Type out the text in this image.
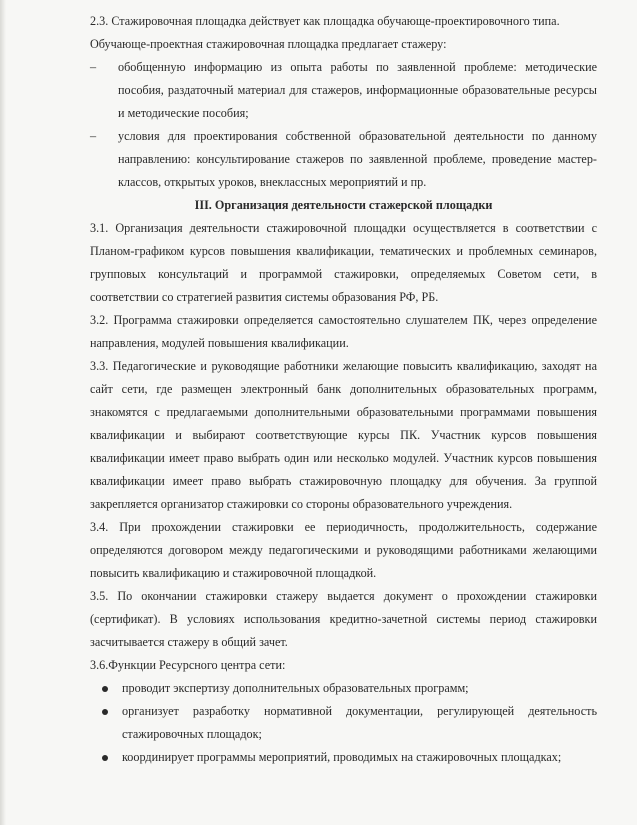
2.3. Стажировочная площадка действует как площадка обучающе-проектировочного типа.

Обучающе-проектная стажировочная площадка предлагает стажеру:

– обобщенную информацию из опыта работы по заявленной проблеме: методические пособия, раздаточный материал для стажеров, информационные образовательные ресурсы и методические пособия;
– условия для проектирования собственной образовательной деятельности по данному направлению: консультирование стажеров по заявленной проблеме, проведение мастер-классов, открытых уроков, внеклассных мероприятий и пр.

III. Организация деятельности стажерской площадки

3.1. Организация деятельности стажировочной площадки осуществляется в соответствии с Планом-графиком курсов повышения квалификации, тематических и проблемных семинаров, групповых консультаций и программой стажировки, определяемых Советом сети, в соответствии со стратегией развития системы образования РФ, РБ.

3.2. Программа стажировки определяется самостоятельно слушателем ПК, через определение направления, модулей повышения квалификации.

3.3. Педагогические и руководящие работники желающие повысить квалификацию, заходят на сайт сети, где размещен электронный банк дополнительных образовательных программ, знакомятся с предлагаемыми дополнительными образовательными программами повышения квалификации и выбирают соответствующие курсы ПК. Участник курсов повышения квалификации имеет право выбрать один или несколько модулей. Участник курсов повышения квалификации имеет право выбрать стажировочную площадку для обучения. За группой закрепляется организатор стажировки со стороны образовательного учреждения.

3.4. При прохождении стажировки ее периодичность, продолжительность, содержание определяются договором между педагогическими и руководящими работниками желающими повысить квалификацию и стажировочной площадкой.

3.5. По окончании стажировки стажеру выдается документ о прохождении стажировки (сертификат). В условиях использования кредитно-зачетной системы период стажировки засчитывается стажеру в общий зачет.

3.6.Функции Ресурсного центра сети:

проводит экспертизу дополнительных образовательных программ;
организует разработку нормативной документации, регулирующей деятельность стажировочных площадок;
координирует программы мероприятий, проводимых на стажировочных площадках;
